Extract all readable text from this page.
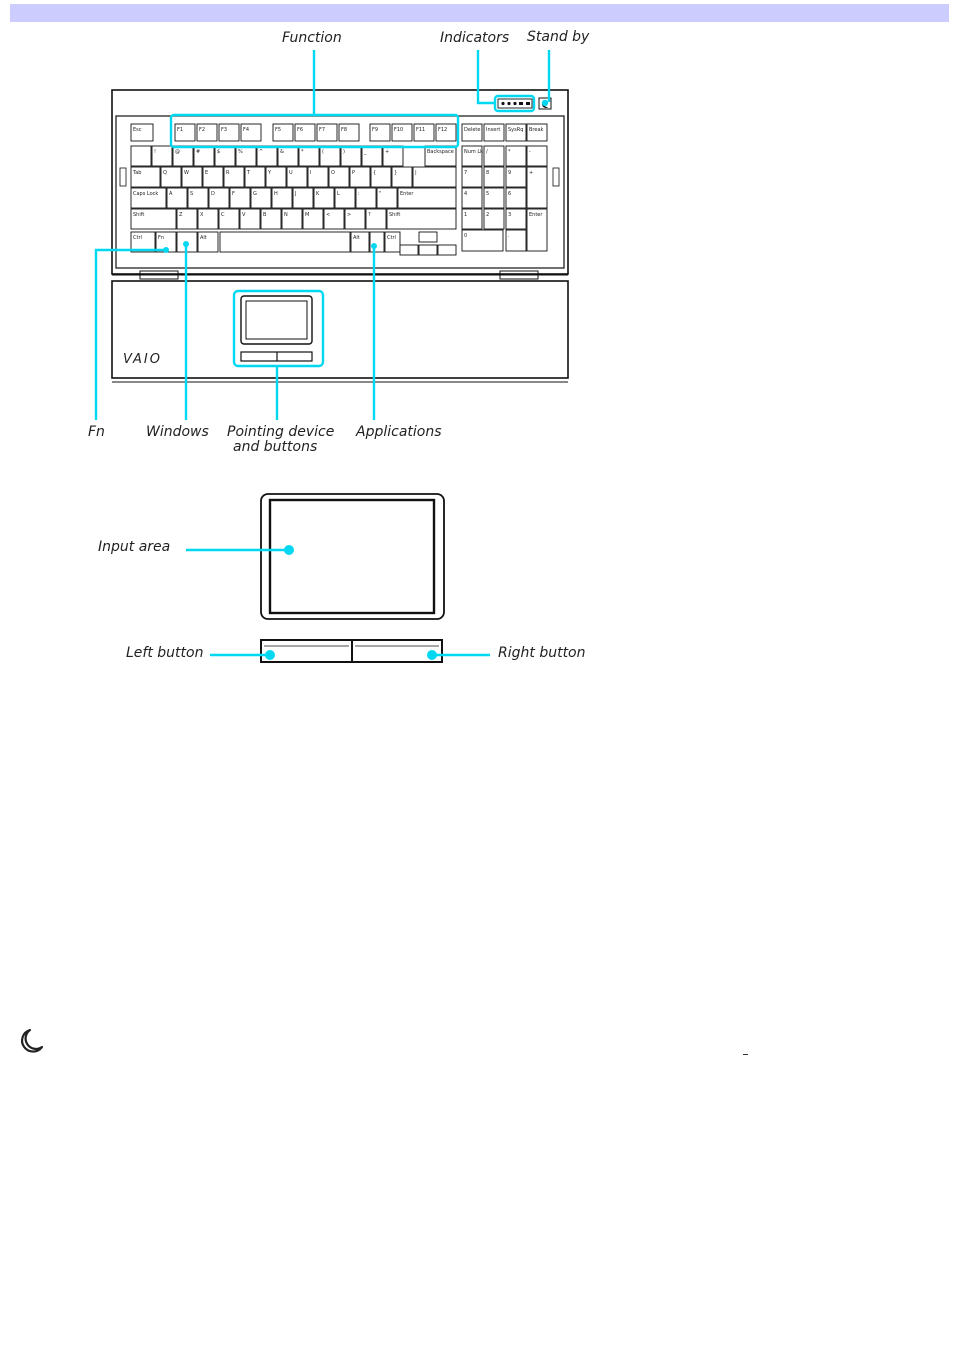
Esc	F1	F2	F3	F4	F5	F6	F7	F8	F9	F10	F11	F12	Delete Insert SysRq Break
!	@	#	$	%	^	&	*	(	)	_	+	Backspace
Tab	Q	W	E	R	T	Y	U	I	O	P	{	}	|
Caps Lock A	S	D	F	G	H	J	K	L	:	"	Enter
Shift	Z	X	C	V	B	N	M	<	>	?	Shift
Ctrl	Fn	Alt	Alt	Ctrl
Num Lk /	*	-
7	8	9	+
4	5	6
1	2	3
0	.
Enter
VAIO
Function	Indicators Stand by
Fn	Windows Pointing device
and buttons
Applications
Input area
Left button	Right button
